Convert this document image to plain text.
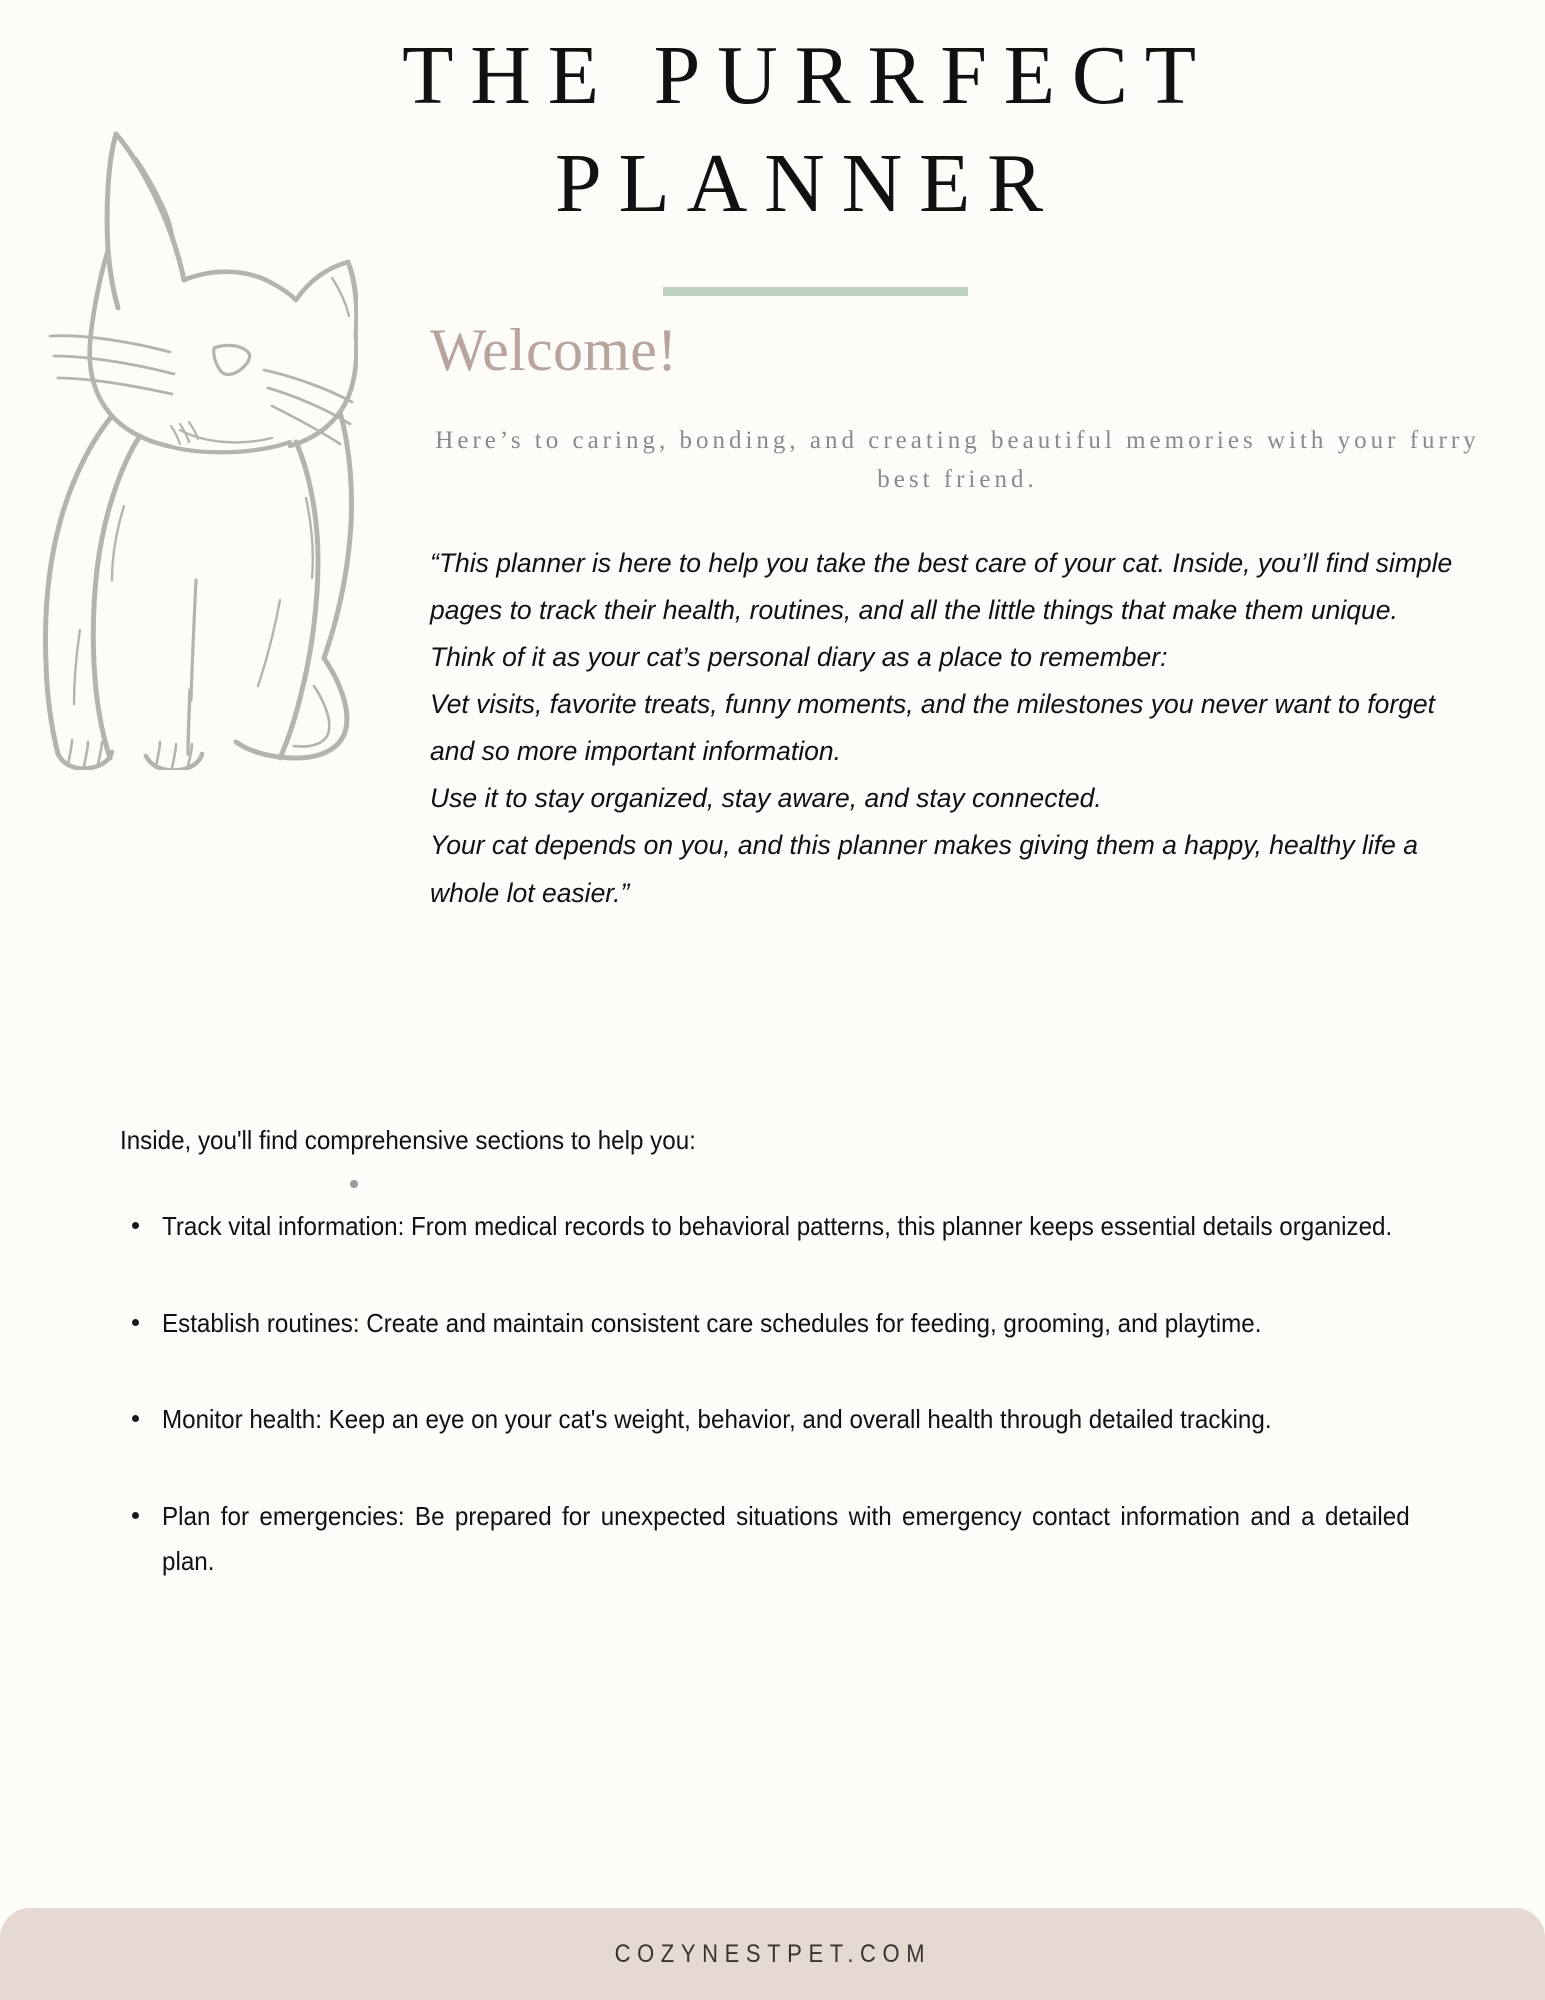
THE PURRFECT
PLANNER
Welcome!
Here’s to caring, bonding, and creating beautiful memories with your furry best friend.

“This planner is here to help you take the best care of your cat. Inside, you’ll find simple pages to track their health, routines, and all the little things that make them unique.

Think of it as your cat’s personal diary as a place to remember:

Vet visits, favorite treats, funny moments, and the milestones you never want to forget and so more important information.

Use it to stay organized, stay aware, and stay connected.

Your cat depends on you, and this planner makes giving them a happy, healthy life a whole lot easier.”

Inside, you'll find comprehensive sections to help you:
Track vital information: From medical records to behavioral patterns, this planner keeps essential details organized.
Establish routines: Create and maintain consistent care schedules for feeding, grooming, and playtime.
Monitor health: Keep an eye on your cat's weight, behavior, and overall health through detailed tracking.
Plan for emergencies: Be prepared for unexpected situations with emergency contact information and a detailed plan.
COZYNESTPET.COM
